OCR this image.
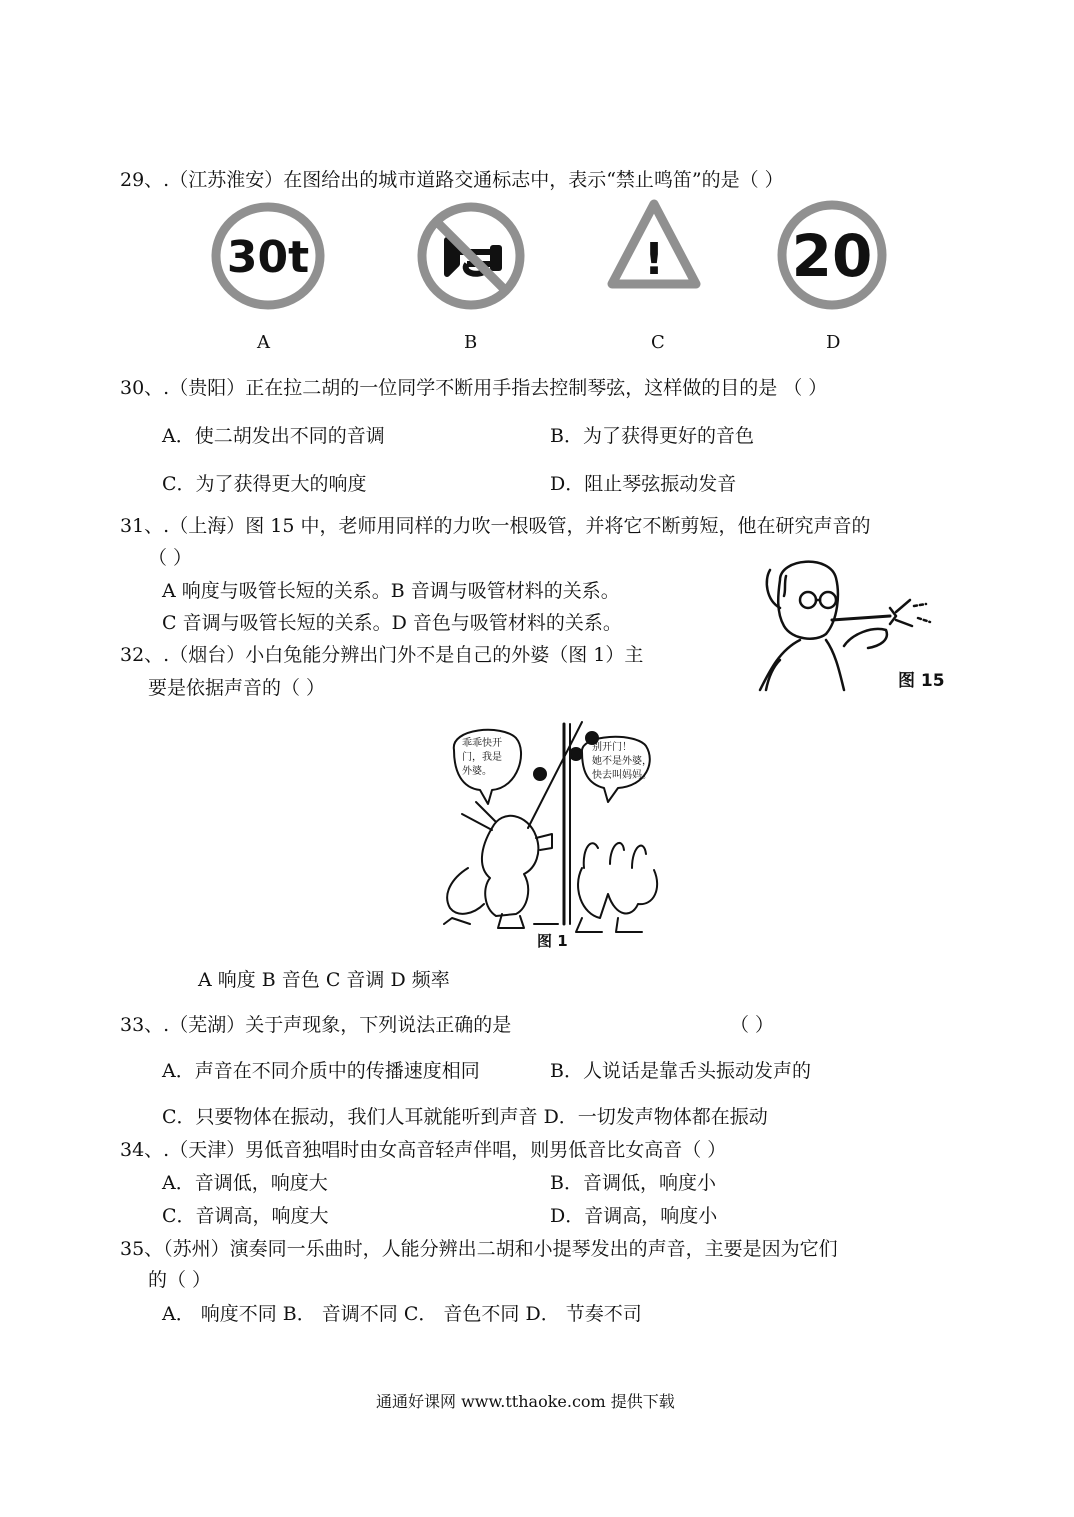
29、.（江苏淮安）在图给出的城市道路交通标志中，表示“禁止鸣笛”的是（ ）
30t
A	B
!
C
20
D
30、.（贵阳）正在拉二胡的一位同学不断用手指去控制琴弦，这样做的目的是 （ ）
A．使二胡发出不同的音调	B．为了获得更好的音色
C．为了获得更大的响度	D．阻止琴弦振动发音
31、.（上海）图 15 中，老师用同样的力吹一根吸管，并将它不断剪短，他在研究声音的
（ ）
A 响度与吸管长短的关系。B 音调与吸管材料的关系。
C 音调与吸管长短的关系。D 音色与吸管材料的关系。
图 15
32、.（烟台）小白兔能分辨出门外不是自己的外婆（图 1）主
要是依据声音的（ ）
乖乖快开
门，我是
外婆。
别开门！
她不是外婆，
快去叫妈妈。
图 1
A 响度 B 音色 C 音调 D 频率
33、.（芜湖）关于声现象，下列说法正确的是	（ ）
A．声音在不同介质中的传播速度相同	B．人说话是靠舌头振动发声的
C．只要物体在振动，我们人耳就能听到声音 D．一切发声物体都在振动
34、.（天津）男低音独唱时由女高音轻声伴唱，则男低音比女高音（ ）
A．音调低，响度大	B．音调低，响度小
C．音调高，响度大	D．音调高，响度小
35、（苏州）演奏同一乐曲时，人能分辨出二胡和小提琴发出的声音，主要是因为它们
的（ ）
A． 响度不同 B． 音调不同 C． 音色不同 D． 节奏不司
通通好课网 www.tthaoke.com 提供下载
